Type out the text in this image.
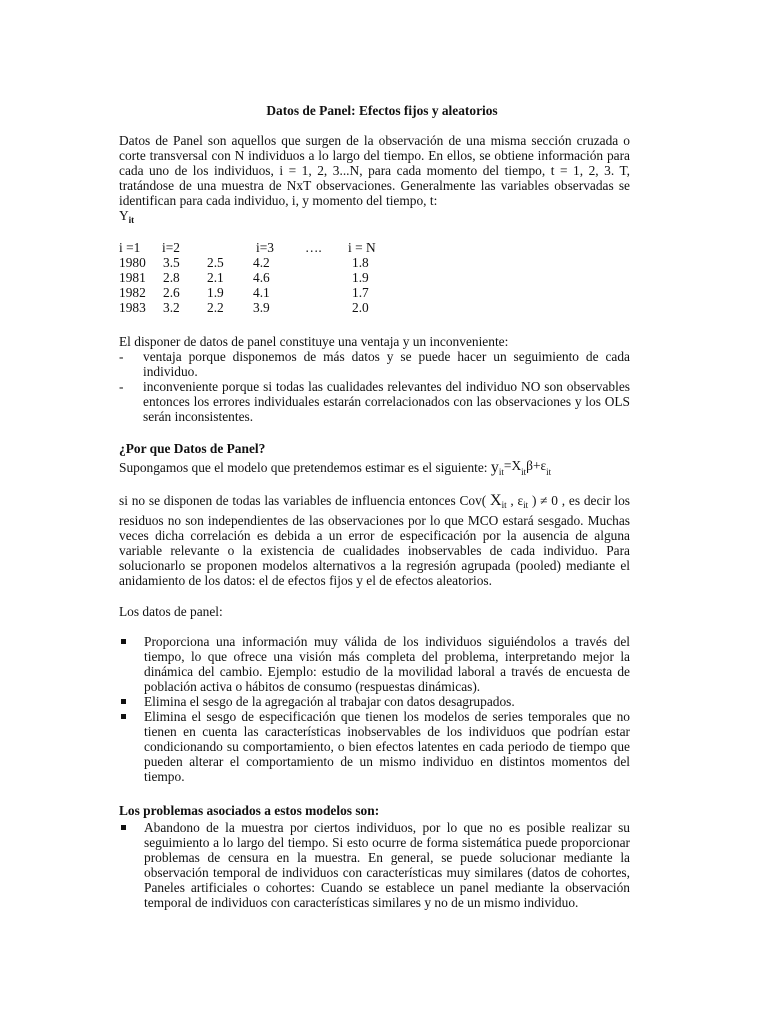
Datos de Panel: Efectos fijos y aleatorios
Datos de Panel son aquellos que surgen de la observación de una misma sección cruzada o corte transversal con N individuos a lo largo del tiempo. En ellos, se obtiene información para cada uno de los individuos, i = 1, 2, 3...N, para cada momento del tiempo, t = 1, 2, 3. T, tratándose de una muestra de NxT observaciones. Generalmente las variables observadas se identifican para cada individuo, i, y momento del tiempo, t:
$Y_{it}$
i =1 i=2	i=3 …. i = N
1980 3.5 2.5 4.2	1.8
1981 2.8 2.1 4.6	1.9
1982 2.6 1.9 4.1	1.7
1983 3.2 2.2 3.9	2.0
El disponer de datos de panel constituye una ventaja y un inconveniente:
- ventaja porque disponemos de más datos y se puede hacer un seguimiento de cada individuo.
- inconveniente porque si todas las cualidades relevantes del individuo NO son observables entonces los errores individuales estarán correlacionados con las observaciones y los OLS serán inconsistentes.
¿Por que Datos de Panel?
Supongamos que el modelo que pretendemos estimar es el siguiente: $y_{it}=X_{it}\beta+\varepsilon_{it}$
si no se disponen de todas las variables de influencia entonces Cov( $X_{it}$ , $\varepsilon_{it}$ ) ≠ 0 , es decir los residuos no son independientes de las observaciones por lo que MCO estará sesgado. Muchas veces dicha correlación es debida a un error de especificación por la ausencia de alguna variable relevante o la existencia de cualidades inobservables de cada individuo. Para solucionarlo se proponen modelos alternativos a la regresión agrupada (pooled) mediante el anidamiento de los datos: el de efectos fijos y el de efectos aleatorios.
Los datos de panel:
Proporciona una información muy válida de los individuos siguiéndolos a través del tiempo, lo que ofrece una visión más completa del problema, interpretando mejor la dinámica del cambio. Ejemplo: estudio de la movilidad laboral a través de encuesta de población activa o hábitos de consumo (respuestas dinámicas).
Elimina el sesgo de la agregación al trabajar con datos desagrupados.
Elimina el sesgo de especificación que tienen los modelos de series temporales que no tienen en cuenta las características inobservables de los individuos que podrían estar condicionando su comportamiento, o bien efectos latentes en cada periodo de tiempo que pueden alterar el comportamiento de un mismo individuo en distintos momentos del tiempo.
Los problemas asociados a estos modelos son:
Abandono de la muestra por ciertos individuos, por lo que no es posible realizar su seguimiento a lo largo del tiempo. Si esto ocurre de forma sistemática puede proporcionar problemas de censura en la muestra. En general, se puede solucionar mediante la observación temporal de individuos con características muy similares (datos de cohortes, Paneles artificiales o cohortes: Cuando se establece un panel mediante la observación temporal de individuos con características similares y no de un mismo individuo.
